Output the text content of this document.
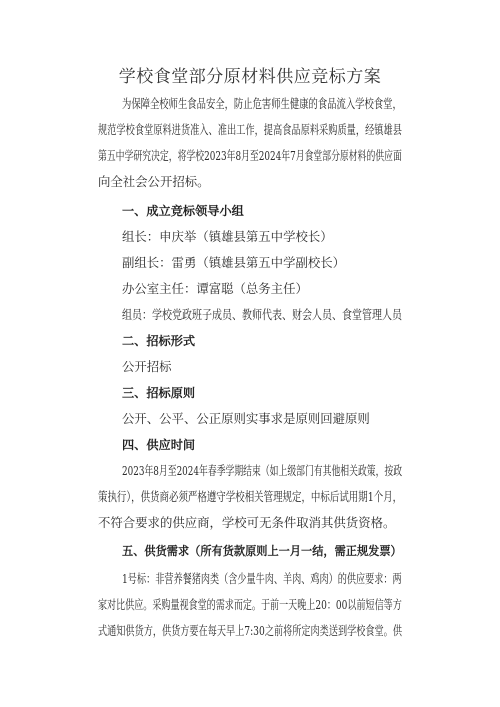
学校食堂部分原材料供应竞标方案
为保障全校师生食品安全，防止危害师生健康的食品流入学校食堂，
规范学校食堂原料进货准入、准出工作，提高食品原料采购质量，经镇雄县
第五中学研究决定，将学校2023年8月至2024年7月食堂部分原材料的供应面
向全社会公开招标。
一、成立竞标领导小组
组长：申庆举（镇雄县第五中学校长）
副组长：雷勇（镇雄县第五中学副校长）
办公室主任：谭富聪（总务主任）
组员：学校党政班子成员、教师代表、财会人员、食堂管理人员
二、招标形式
公开招标
三、招标原则
公开、公平、公正原则实事求是原则回避原则
四、供应时间
2023年8月至2024年春季学期结束（如上级部门有其他相关政策，按政
策执行），供货商必须严格遵守学校相关管理规定，中标后试用期1个月，
不符合要求的供应商，学校可无条件取消其供货资格。
五、供货需求（所有货款原则上一月一结，需正规发票）
1号标：非营养餐猪肉类（含少量牛肉、羊肉、鸡肉）的供应要求：两
家对比供应。采购量视食堂的需求而定。于前一天晚上20：00以前短信等方
式通知供货方，供货方要在每天早上7:30之前将所定肉类送到学校食堂。供
